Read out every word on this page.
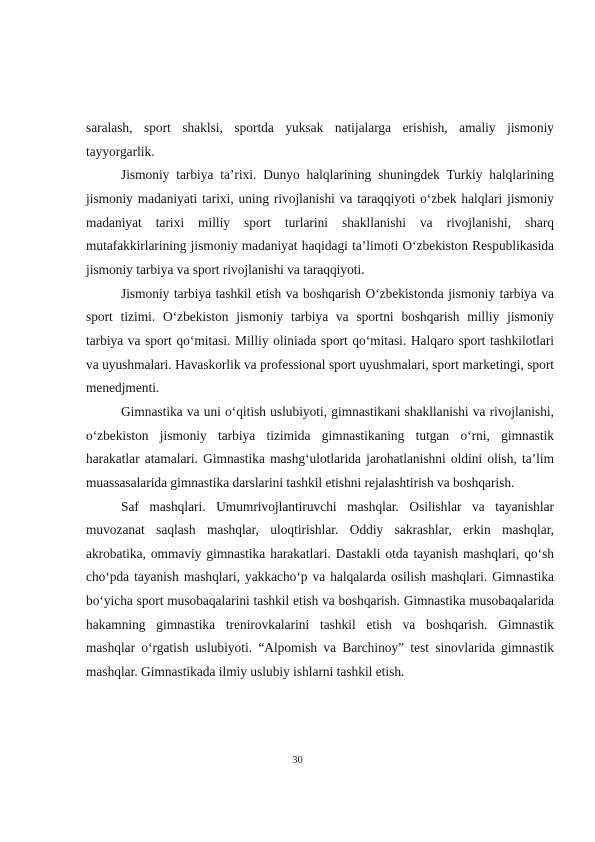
saralash, sport shaklsi, sportda yuksak natijalarga erishish, amaliy jismoniy tayyorgarlik.

Jismoniy tarbiya ta’rixi. Dunyo halqlarining shuningdek Turkiy halqlarining jismoniy madaniyati tarixi, uning rivojlanishi va taraqqiyoti o‘zbek halqlari jismoniy madaniyat tarixi milliy sport turlarini shakllanishi va rivojlanishi, sharq mutafakkirlarining jismoniy madaniyat haqidagi ta’limoti O‘zbekiston Respublikasida jismoniy tarbiya va sport rivojlanishi va taraqqiyoti.

Jismoniy tarbiya tashkil etish va boshqarish O‘zbekistonda jismoniy tarbiya va sport tizimi. O‘zbekiston jismoniy tarbiya va sportni boshqarish milliy jismoniy tarbiya va sport qo‘mitasi. Milliy oliniada sport qo‘mitasi. Halqaro sport tashkilotlari va uyushmalari. Havaskorlik va professional sport uyushmalari, sport marketingi, sport menedjmenti.

Gimnastika va uni o‘qitish uslubiyoti, gimnastikani shakllanishi va rivojlanishi, o‘zbekiston jismoniy tarbiya tizimida gimnastikaning tutgan o‘rni, gimnastik harakatlar atamalari. Gimnastika mashg‘ulotlarida jarohatlanishni oldini olish, ta’lim muassasalarida gimnastika darslarini tashkil etishni rejalashtirish va boshqarish.

Saf mashqlari. Umumrivojlantiruvchi mashqlar. Osilishlar va tayanishlar muvozanat saqlash mashqlar, uloqtirishlar. Oddiy sakrashlar, erkin mashqlar, akrobatika, ommaviy gimnastika harakatlari. Dastakli otda tayanish mashqlari, qo‘sh cho‘pda tayanish mashqlari, yakkacho‘p va halqalarda osilish mashqlari. Gimnastika bo‘yicha sport musobaqalarini tashkil etish va boshqarish. Gimnastika musobaqalarida hakamning gimnastika trenirovkalarini tashkil etish va boshqarish. Gimnastik mashqlar o‘rgatish uslubiyoti. “Alpomish va Barchinoy” test sinovlarida gimnastik mashqlar. Gimnastikada ilmiy uslubiy ishlarni tashkil etish.

30
